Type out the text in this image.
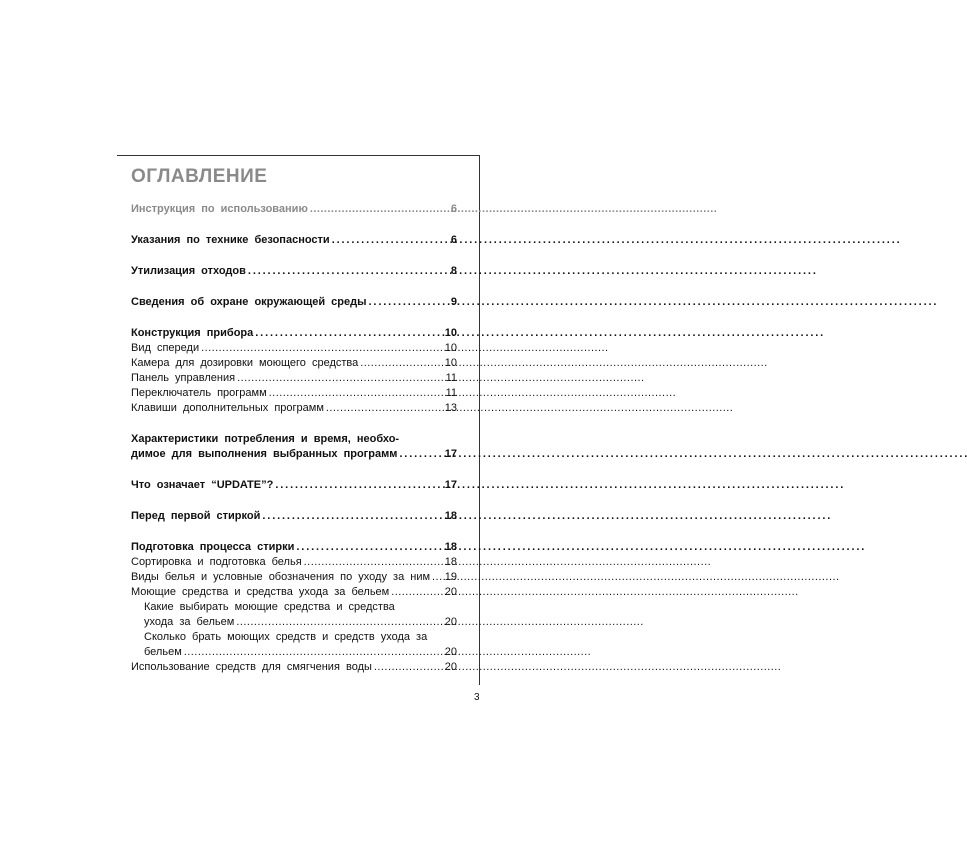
ОГЛАВЛЕНИЕ
Инструкция по использованию . . .	6
Указания по технике безопасности . . .	6
Утилизация отходов . . .	8
Сведения об охране окружающей среды . . .	9
Конструкция прибора . . .	10
Вид спереди . . .	10
Камера для дозировки моющего средства . . .	10
Панель управления . . .	11
Переключатель программ . . .	11
Клавиши дополнительных программ . . .	13
Характеристики потребления и время, необхо-
димое для выполнения выбранных программ . . .	17
Что означает “UPDATE”? . . .	17
Перед первой стиркой . . .	18
Подготовка процесса стирки . . .	18
Сортировка и подготовка белья . . .	18
Виды белья и условные обозначения по уходу за ним . . . 19
Моющие средства и средства ухода за бельем . . .	20
Какие выбирать моющие средства и средства
ухода за бельем . . .	20
Сколько брать моющих средств и средств ухода за
бельем . . .	20
Использование средств для смягчения воды . . .	20
3
